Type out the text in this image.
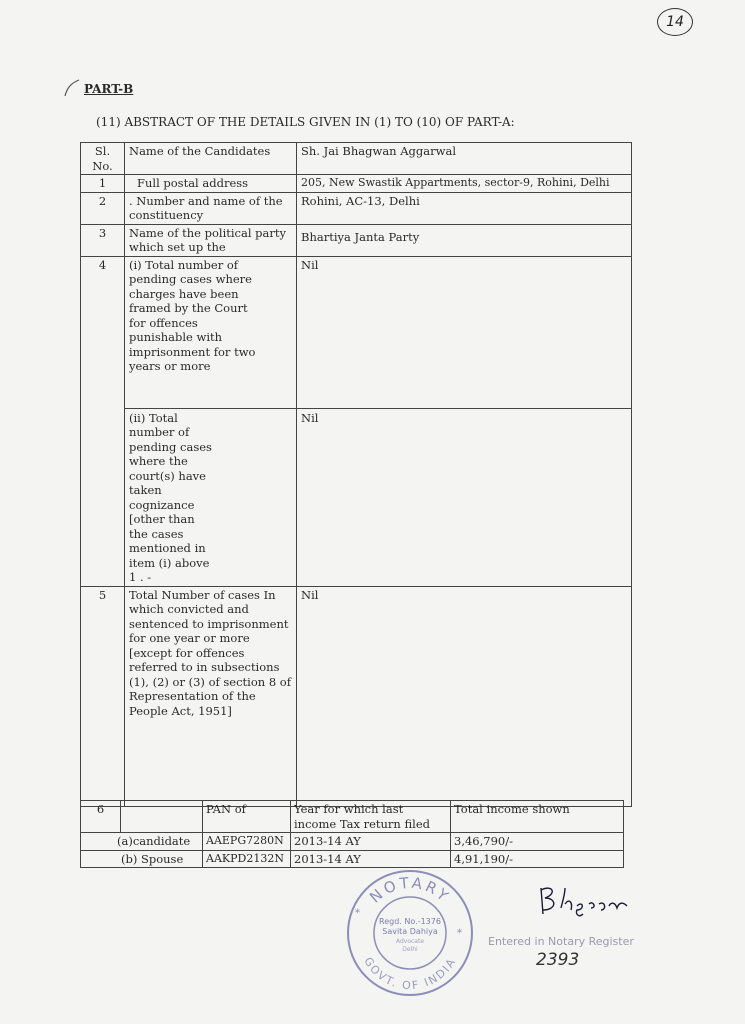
14
PART-B
(11) ABSTRACT OF THE DETAILS GIVEN IN (1) TO (10) OF PART-A:
Sl. No.	Name of the Candidates	Sh. Jai Bhagwan Aggarwal
1	Full postal address	205, New Swastik Appartments, sector-9, Rohini, Delhi
2	. Number and name of the constituency	Rohini, AC-13, Delhi
3	Name of the political party which set up the	Bhartiya Janta Party
4	(i) Total number of pending cases where charges have been framed by the Court for offences punishable with imprisonment for two years or more	Nil
	(ii) Total number of pending cases where the court(s) have taken cognizance [other than the cases mentioned in item (i) above 1 . -	Nil
5	Total Number of cases In which convicted and sentenced to imprisonment for one year or more [except for offences referred to in subsections (1), (2) or (3) of section 8 of Representation of the People Act, 1951]	Nil
6		PAN of	Year for which last income Tax return filed	Total income shown
(a)candidate		AAEPG7280N	2013-14 AY	3,46,790/-
(b) Spouse		AAKPD2132N	2013-14 AY	4,91,190/-
NOTARY
GOVT. OF INDIA
Regd. No.-1376
Savita Dahiya
Advocate
Delhi
*
*
Entered in Notary Register
2393
